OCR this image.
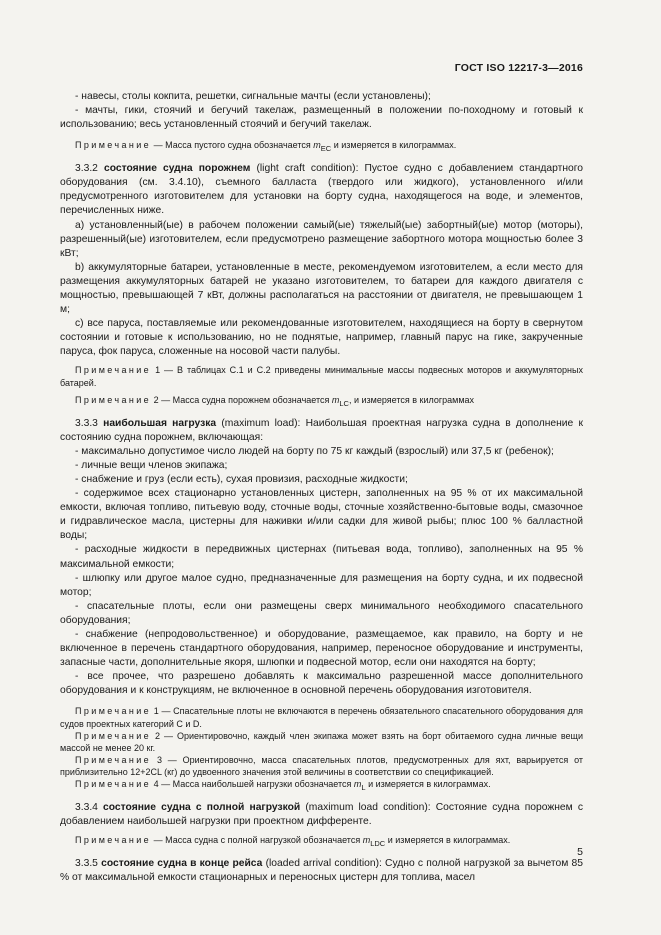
ГОСТ ISO 12217-3—2016

- навесы, столы кокпита, решетки, сигнальные мачты (если установлены);

- мачты, гики, стоячий и бегучий такелаж, размещенный в положении по-походному и готовый к использованию; весь установленный стоячий и бегучий такелаж.

Примечание — Масса пустого судна обозначается $m_{EC}$ и измеряется в килограммах.

3.3.2 состояние судна порожнем (light craft condition): Пустое судно с добавлением стандартного оборудования (см. 3.4.10), съемного балласта (твердого или жидкого), установленного и/или предусмотренного изготовителем для установки на борту судна, находящегося на воде, и элементов, перечисленных ниже.

а) установленный(ые) в рабочем положении самый(ые) тяжелый(ые) забортный(ые) мотор (моторы), разрешенный(ые) изготовителем, если предусмотрено размещение забортного мотора мощностью более 3 кВт;

b) аккумуляторные батареи, установленные в месте, рекомендуемом изготовителем, а если место для размещения аккумуляторных батарей не указано изготовителем, то батареи для каждого двигателя с мощностью, превышающей 7 кВт, должны располагаться на расстоянии от двигателя, не превышающем 1 м;

c) все паруса, поставляемые или рекомендованные изготовителем, находящиеся на борту в свернутом состоянии и готовые к использованию, но не поднятые, например, главный парус на гике, закрученные паруса, фок паруса, сложенные на носовой части палубы.

Примечание 1 — В таблицах С.1 и С.2 приведены минимальные массы подвесных моторов и аккумуляторных батарей.

Примечание 2 — Масса судна порожнем обозначается $m_{LC}$, и измеряется в килограммах

3.3.3 наибольшая нагрузка (maximum load): Наибольшая проектная нагрузка судна в дополнение к состоянию судна порожнем, включающая:

- максимально допустимое число людей на борту по 75 кг каждый (взрослый) или 37,5 кг (ребенок);

- личные вещи членов экипажа;

- снабжение и груз (если есть), сухая провизия, расходные жидкости;

- содержимое всех стационарно установленных цистерн, заполненных на 95 % от их максимальной емкости, включая топливо, питьевую воду, сточные воды, сточные хозяйственно-бытовые воды, смазочное и гидравлическое масла, цистерны для наживки и/или садки для живой рыбы; плюс 100 % балластной воды;

- расходные жидкости в передвижных цистернах (питьевая вода, топливо), заполненных на 95 % максимальной емкости;

- шлюпку или другое малое судно, предназначенные для размещения на борту судна, и их подвесной мотор;

- спасательные плоты, если они размещены сверх минимального необходимого спасательного оборудования;

- снабжение (непродовольственное) и оборудование, размещаемое, как правило, на борту и не включенное в перечень стандартного оборудования, например, переносное оборудование и инструменты, запасные части, дополнительные якоря, шлюпки и подвесной мотор, если они находятся на борту;

- все прочее, что разрешено добавлять к максимально разрешенной массе дополнительного оборудования и к конструкциям, не включенное в основной перечень оборудования изготовителя.

Примечание 1 — Спасательные плоты не включаются в перечень обязательного спасательного оборудования для судов проектных категорий С и D.

Примечание 2 — Ориентировочно, каждый член экипажа может взять на борт обитаемого судна личные вещи массой не менее 20 кг.

Примечание 3 — Ориентировочно, масса спасательных плотов, предусмотренных для яхт, варьируется от приблизительно 12+2CL (кг) до удвоенного значения этой величины в соответствии со спецификацией.

Примечание 4 — Масса наибольшей нагрузки обозначается $m_L$ и измеряется в килограммах.

3.3.4 состояние судна с полной нагрузкой (maximum load condition): Состояние судна порожнем с добавлением наибольшей нагрузки при проектном дифференте.

Примечание — Масса судна с полной нагрузкой обозначается $m_{LDC}$ и измеряется в килограммах.

3.3.5 состояние судна в конце рейса (loaded arrival condition): Судно с полной нагрузкой за вычетом 85 % от максимальной емкости стационарных и переносных цистерн для топлива, масел

5
